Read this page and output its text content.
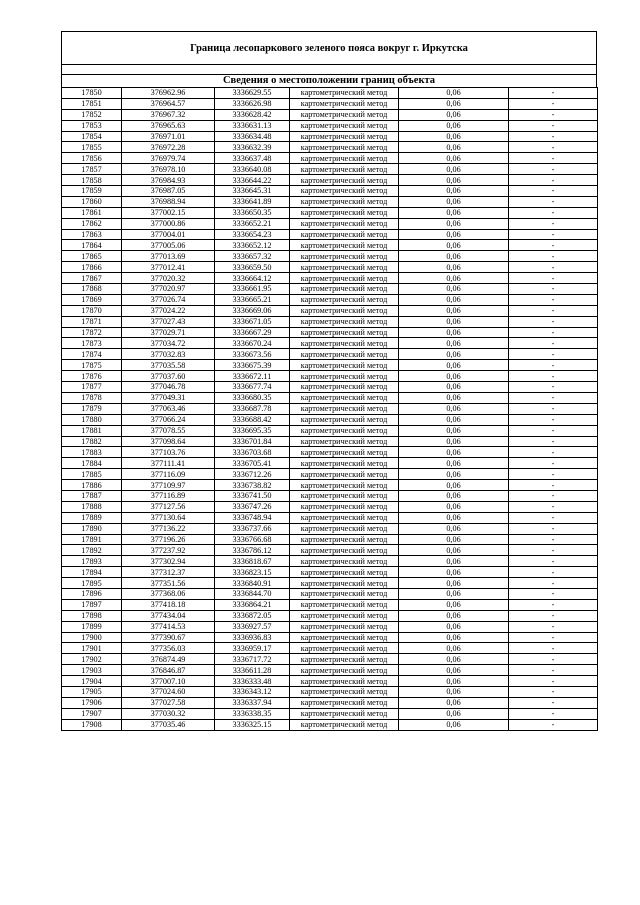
Граница лесопаркового зеленого пояса вокруг г. Иркутска
Сведения о местоположении границ объекта
17850	376962.96	3336629.55	картометрический метод	0,06	-
17851	376964.57	3336626.98	картометрический метод	0,06	-
17852	376967.32	3336628.42	картометрический метод	0,06	-
17853	376965.63	3336631.13	картометрический метод	0,06	-
17854	376971.01	3336634.48	картометрический метод	0,06	-
17855	376972.28	3336632.39	картометрический метод	0,06	-
17856	376979.74	3336637.48	картометрический метод	0,06	-
17857	376978.10	3336640.08	картометрический метод	0,06	-
17858	376984.93	3336644.22	картометрический метод	0,06	-
17859	376987.05	3336645.31	картометрический метод	0,06	-
17860	376988.94	3336641.89	картометрический метод	0,06	-
17861	377002.15	3336650.35	картометрический метод	0,06	-
17862	377000.86	3336652.21	картометрический метод	0,06	-
17863	377004.01	3336654.23	картометрический метод	0,06	-
17864	377005.06	3336652.12	картометрический метод	0,06	-
17865	377013.69	3336657.32	картометрический метод	0,06	-
17866	377012.41	3336659.50	картометрический метод	0,06	-
17867	377020.32	3336664.12	картометрический метод	0,06	-
17868	377020.97	3336661.95	картометрический метод	0,06	-
17869	377026.74	3336665.21	картометрический метод	0,06	-
17870	377024.22	3336669.06	картометрический метод	0,06	-
17871	377027.43	3336671.05	картометрический метод	0,06	-
17872	377029.71	3336667.29	картометрический метод	0,06	-
17873	377034.72	3336670.24	картометрический метод	0,06	-
17874	377032.83	3336673.56	картометрический метод	0,06	-
17875	377035.58	3336675.39	картометрический метод	0,06	-
17876	377037.60	3336672.11	картометрический метод	0,06	-
17877	377046.78	3336677.74	картометрический метод	0,06	-
17878	377049.31	3336680.35	картометрический метод	0,06	-
17879	377063.46	3336687.78	картометрический метод	0,06	-
17880	377066.24	3336688.42	картометрический метод	0,06	-
17881	377078.55	3336695.35	картометрический метод	0,06	-
17882	377098.64	3336701.84	картометрический метод	0,06	-
17883	377103.76	3336703.68	картометрический метод	0,06	-
17884	377111.41	3336705.41	картометрический метод	0,06	-
17885	377116.09	3336712.26	картометрический метод	0,06	-
17886	377109.97	3336738.82	картометрический метод	0,06	-
17887	377116.89	3336741.50	картометрический метод	0,06	-
17888	377127.56	3336747.26	картометрический метод	0,06	-
17889	377130.64	3336748.94	картометрический метод	0,06	-
17890	377136.22	3336737.66	картометрический метод	0,06	-
17891	377196.26	3336766.68	картометрический метод	0,06	-
17892	377237.92	3336786.12	картометрический метод	0,06	-
17893	377302.94	3336818.67	картометрический метод	0,06	-
17894	377312.37	3336823.15	картометрический метод	0,06	-
17895	377351.56	3336840.91	картометрический метод	0,06	-
17896	377368.06	3336844.70	картометрический метод	0,06	-
17897	377418.18	3336864.21	картометрический метод	0,06	-
17898	377434.04	3336872.05	картометрический метод	0,06	-
17899	377414.53	3336927.57	картометрический метод	0,06	-
17900	377390.67	3336936.83	картометрический метод	0,06	-
17901	377356.03	3336959.17	картометрический метод	0,06	-
17902	376874.49	3336717.72	картометрический метод	0,06	-
17903	376846.87	3336611.28	картометрический метод	0,06	-
17904	377007.10	3336333.48	картометрический метод	0,06	-
17905	377024.60	3336343.12	картометрический метод	0,06	-
17906	377027.58	3336337.94	картометрический метод	0,06	-
17907	377030.32	3336338.35	картометрический метод	0,06	-
17908	377035.46	3336325.15	картометрический метод	0,06	-
